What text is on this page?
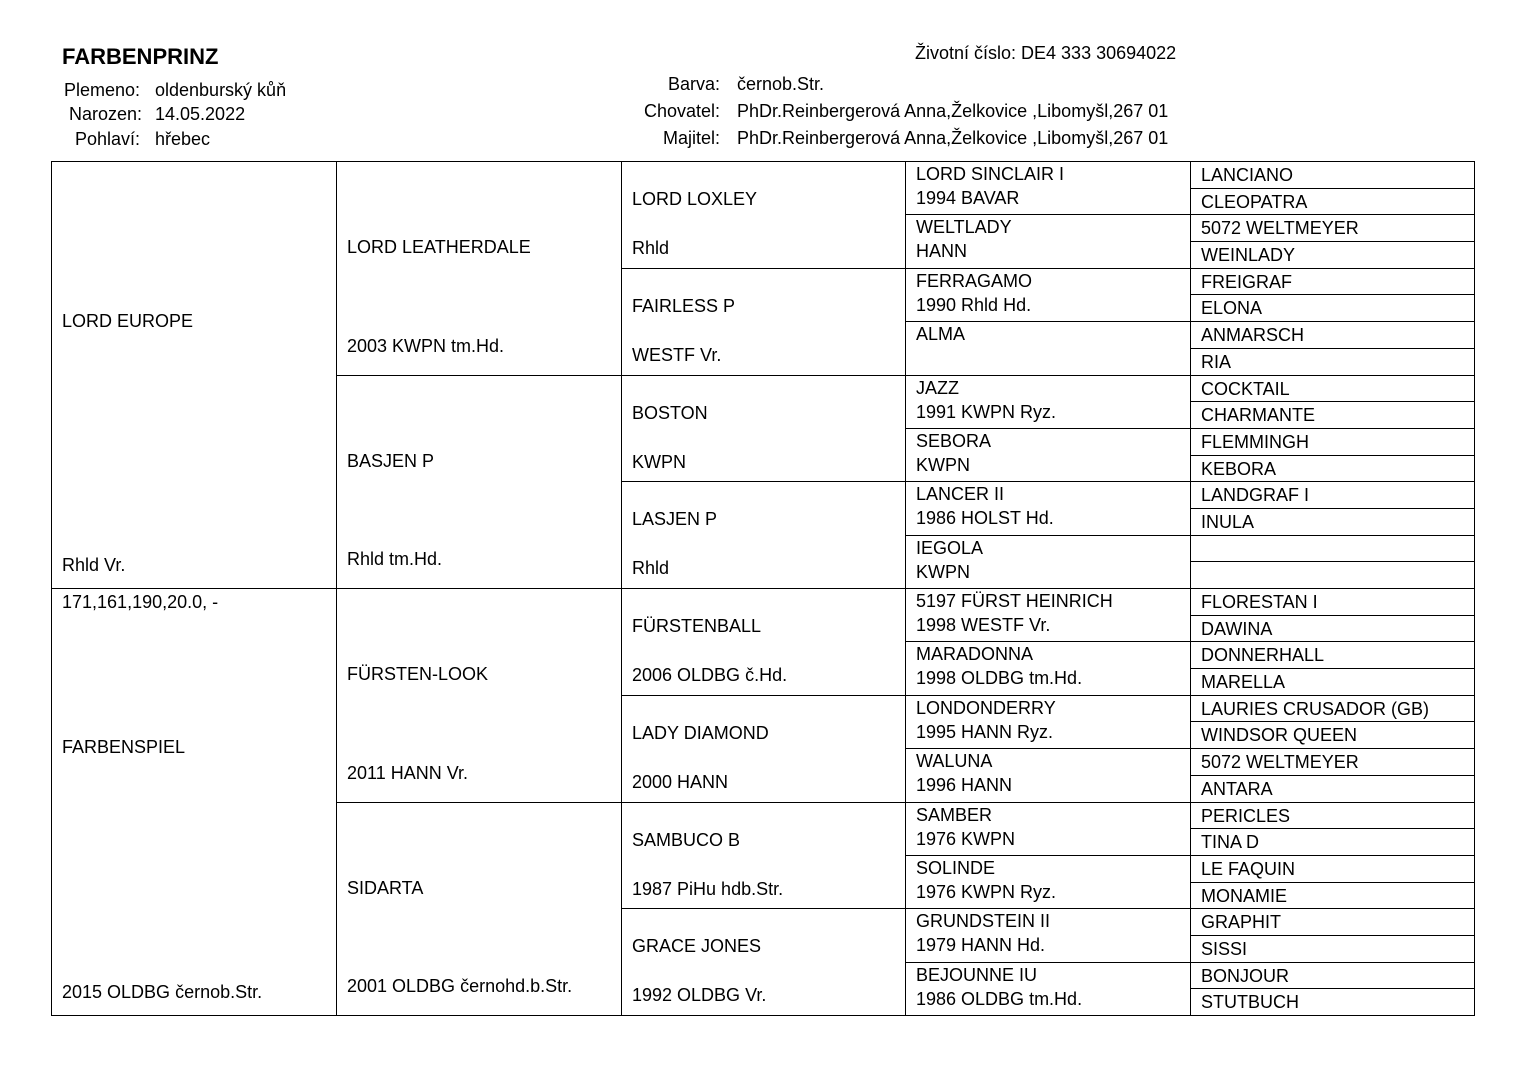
FARBENPRINZ	Životní číslo: DE4 333 30694022
Plemeno: oldenburský kůň
Narozen: 14.05.2022
Pohlaví: hřebec
Barva: černob.Str.
Chovatel: PhDr.Reinbergerová Anna,Želkovice ,Libomyšl,267 01
Majitel: PhDr.Reinbergerová Anna,Želkovice ,Libomyšl,267 01
LORD EUROPE
Rhld Vr.
171,161,190,20.0, -
FARBENSPIEL
2015 OLDBG černob.Str.
LORD LEATHERDALE
2003 KWPN tm.Hd.
BASJEN P
Rhld tm.Hd.
FÜRSTEN-LOOK
2011 HANN Vr.
SIDARTA
2001 OLDBG černohd.b.Str.
LORD LOXLEY
Rhld
FAIRLESS P
WESTF Vr.
BOSTON
KWPN
LASJEN P
Rhld
FÜRSTENBALL
2006 OLDBG č.Hd.
LADY DIAMOND
2000 HANN
SAMBUCO B
1987 PiHu hdb.Str.
GRACE JONES
1992 OLDBG Vr.
LORD SINCLAIR I
1994 BAVAR
WELTLADY
HANN
FERRAGAMO
1990 Rhld Hd.
ALMA
JAZZ
1991 KWPN Ryz.
SEBORA
KWPN
LANCER II
1986 HOLST Hd.
IEGOLA
KWPN
5197 FÜRST HEINRICH
1998 WESTF Vr.
MARADONNA
1998 OLDBG tm.Hd.
LONDONDERRY
1995 HANN Ryz.
WALUNA
1996 HANN
SAMBER
1976 KWPN
SOLINDE
1976 KWPN Ryz.
GRUNDSTEIN II
1979 HANN Hd.
BEJOUNNE IU
1986 OLDBG tm.Hd.
LANCIANO
CLEOPATRA
5072 WELTMEYER
WEINLADY
FREIGRAF
ELONA
ANMARSCH
RIA
COCKTAIL
CHARMANTE
FLEMMINGH
KEBORA
LANDGRAF I
INULA
FLORESTAN I
DAWINA
DONNERHALL
MARELLA
LAURIES CRUSADOR (GB)
WINDSOR QUEEN
5072 WELTMEYER
ANTARA
PERICLES
TINA D
LE FAQUIN
MONAMIE
GRAPHIT
SISSI
BONJOUR
STUTBUCH
